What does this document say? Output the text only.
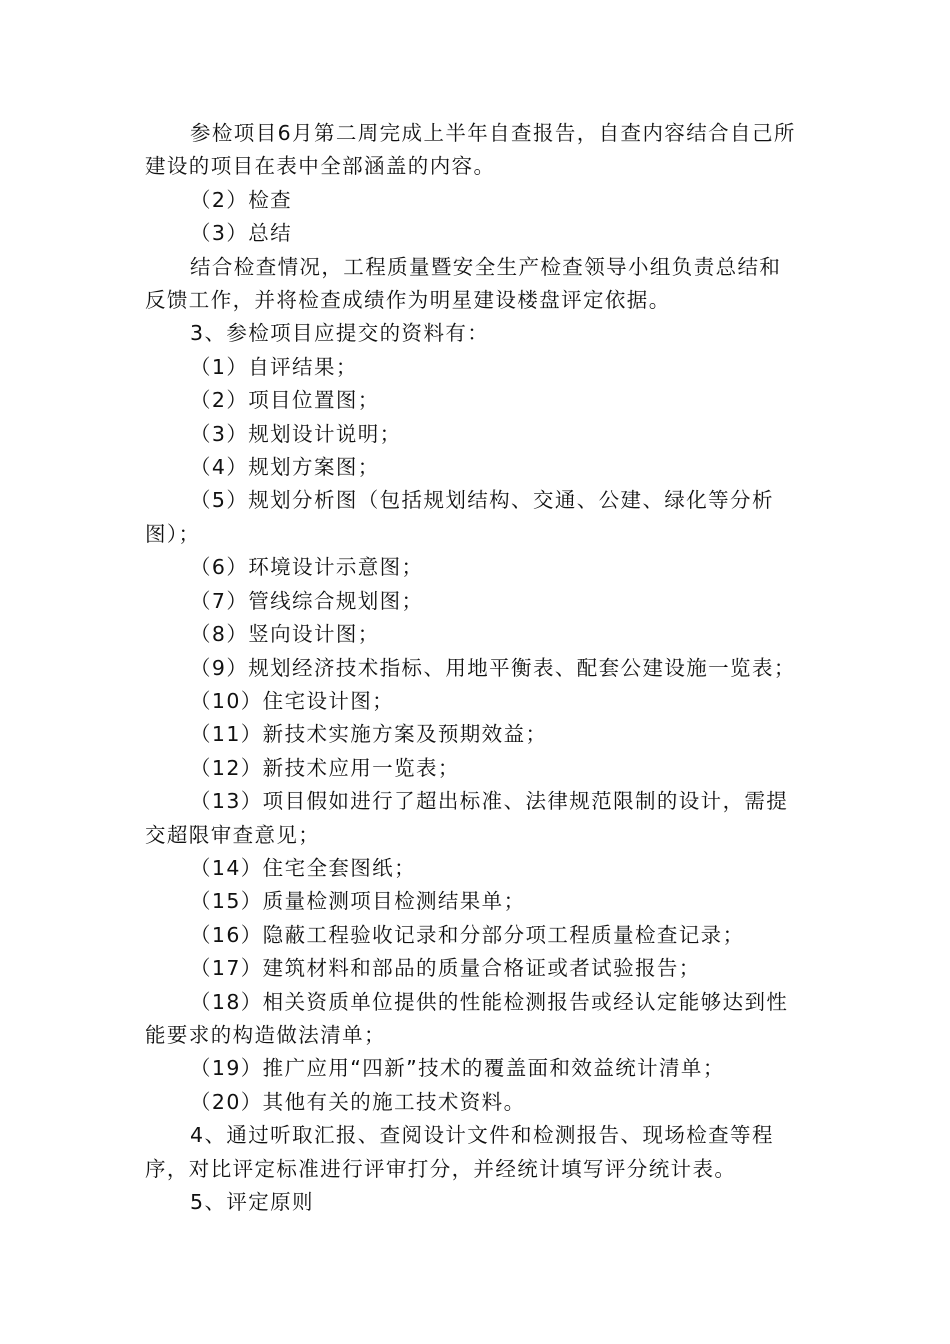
参检项目6月第二周完成上半年自查报告，自查内容结合自己所建设的项目在表中全部涵盖的内容。

（2）检查

（3）总结

结合检查情况，工程质量暨安全生产检查领导小组负责总结和反馈工作，并将检查成绩作为明星建设楼盘评定依据。

3、参检项目应提交的资料有：

（1）自评结果；

（2）项目位置图；

（3）规划设计说明；

（4）规划方案图；

（5）规划分析图（包括规划结构、交通、公建、绿化等分析图）；

（6）环境设计示意图；

（7）管线综合规划图；

（8）竖向设计图；

（9）规划经济技术指标、用地平衡表、配套公建设施一览表；

（10）住宅设计图；

（11）新技术实施方案及预期效益；

（12）新技术应用一览表；

（13）项目假如进行了超出标准、法律规范限制的设计，需提交超限审查意见；

（14）住宅全套图纸；

（15）质量检测项目检测结果单；

（16）隐蔽工程验收记录和分部分项工程质量检查记录；

（17）建筑材料和部品的质量合格证或者试验报告；

（18）相关资质单位提供的性能检测报告或经认定能够达到性能要求的构造做法清单；

（19）推广应用“四新”技术的覆盖面和效益统计清单；

（20）其他有关的施工技术资料。

4、通过听取汇报、查阅设计文件和检测报告、现场检查等程序，对比评定标准进行评审打分，并经统计填写评分统计表。

5、评定原则
